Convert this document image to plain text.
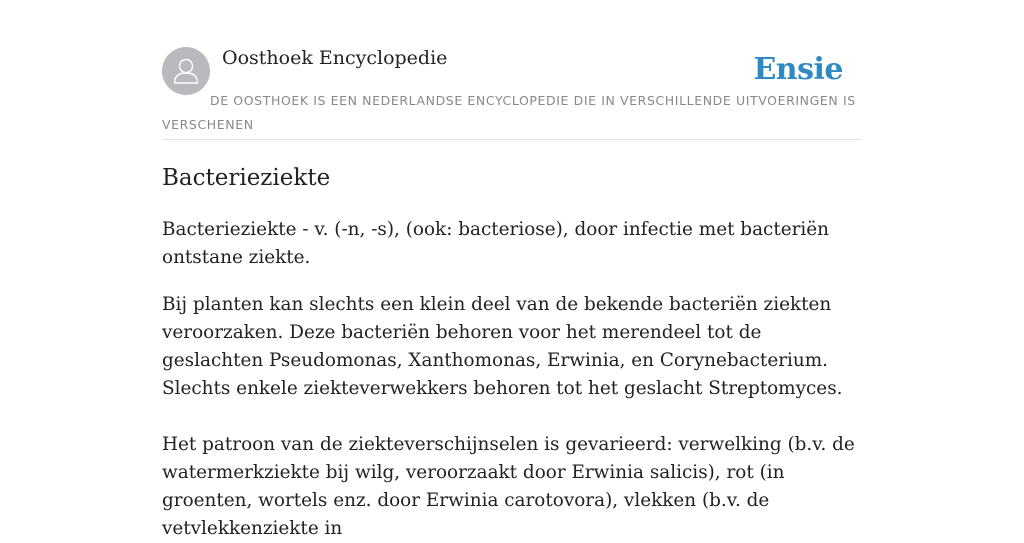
Oosthoek Encyclopedie	Ensie
DE OOSTHOEK IS EEN NEDERLANDSE ENCYCLOPEDIE DIE IN VERSCHILLENDE UITVOERINGEN IS VERSCHENEN
Bacterieziekte

Bacterieziekte - v. (-n, -s), (ook: bacteriose), door infectie met bacteriën ontstane ziekte.

Bij planten kan slechts een klein deel van de bekende bacteriën ziekten veroorzaken. Deze bacteriën behoren voor het merendeel tot de geslachten Pseudomonas, Xanthomonas, Erwinia, en Corynebacterium. Slechts enkele ziekteverwekkers behoren tot het geslacht Streptomyces.

Het patroon van de ziekteverschijnselen is gevarieerd: verwelking (b.v. de watermerkziekte bij wilg, veroorzaakt door Erwinia salicis), rot (in groenten, wortels enz. door Erwinia carotovora), vlekken (b.v. de vetvlekkenziekte in
